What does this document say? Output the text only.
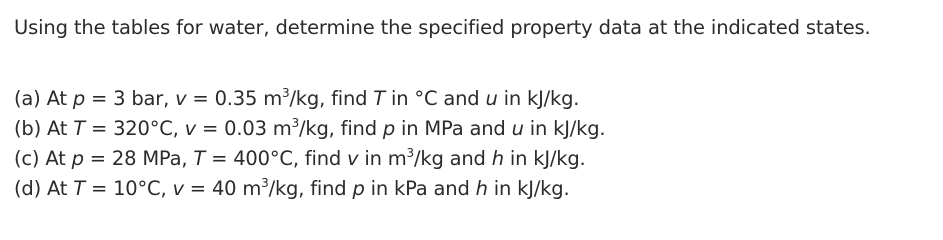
Using the tables for water, determine the specified property data at the indicated states.

(a) At p = 3 bar, v = 0.35 $m^3/kg$, find T in °C and u in kJ/kg.

(b) At T = 320°C, v = 0.03 $m^3/kg$, find p in MPa and u in kJ/kg.

(c) At p = 28 MPa, T = 400°C, find v in $m^3/kg$ and h in kJ/kg.

(d) At T = 10°C, v = 40 $m^3/kg$, find p in kPa and h in kJ/kg.
